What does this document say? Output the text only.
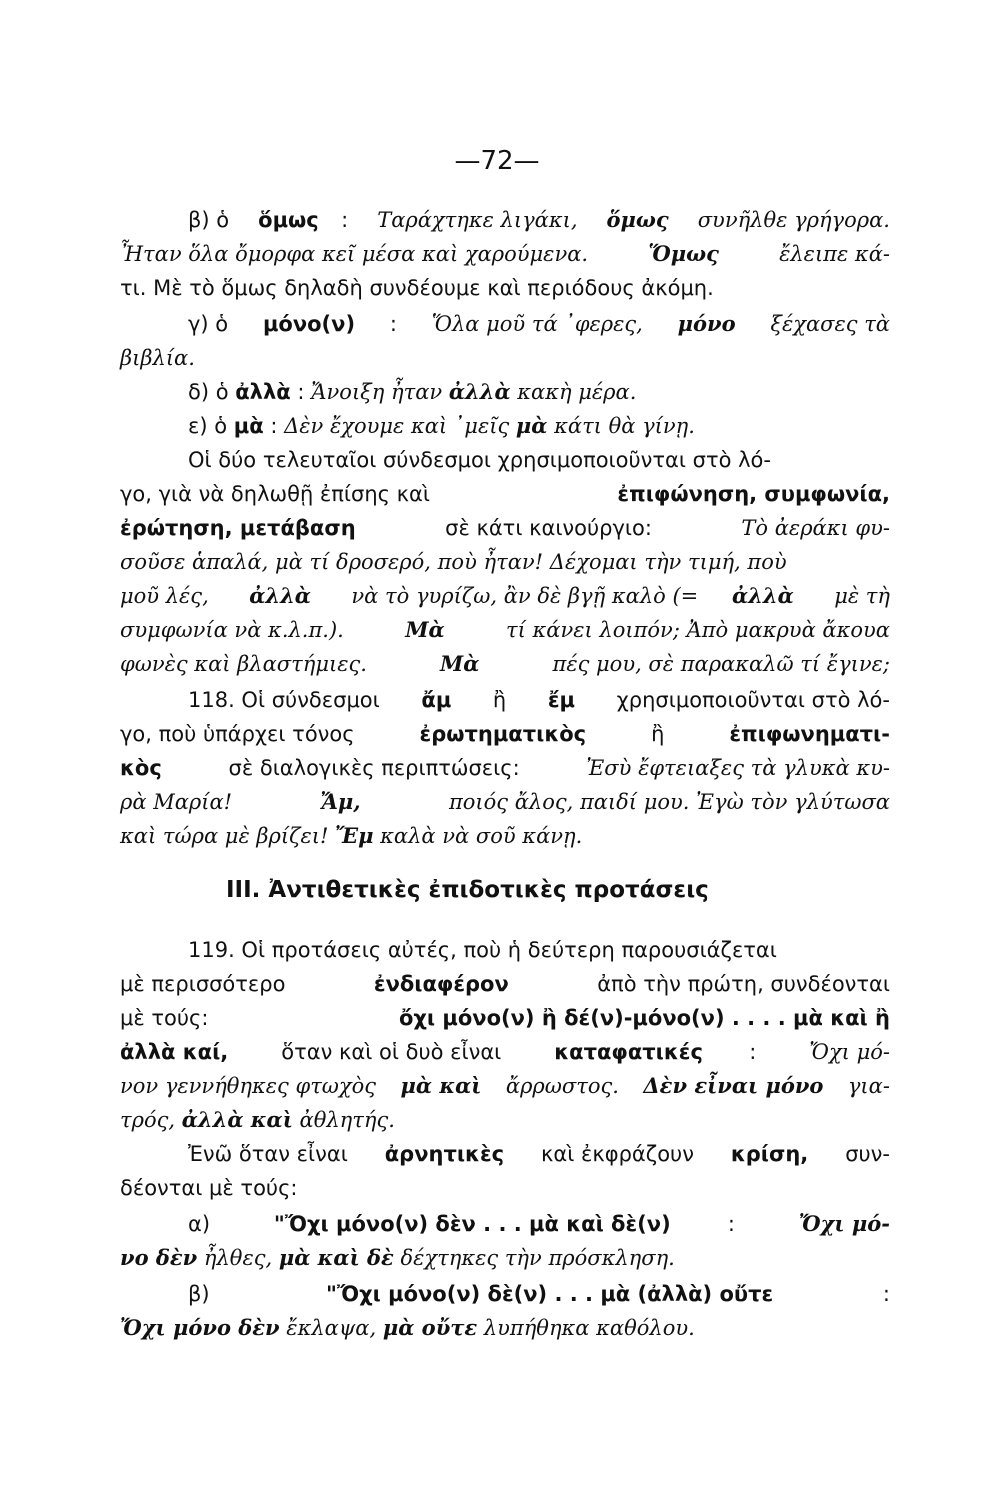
—72—
β) ὁ ὅμως : Ταράχτηκε λιγάκι, ὅμως συνῆλθε γρήγορα.
Ἦταν ὅλα ὄμορφα κεῖ μέσα καὶ χαρούμενα.	Ὅμως	ἔλειπε κά-
τι. Μὲ τὸ ὅμως δηλαδὴ συνδέουμε καὶ περιόδους ἀκόμη.
γ) ὁ μόνο(ν) : Ὅλα μοῦ τά ᾿φερες, μόνο ξέχασες τὰ
βιβλία.
δ) ὁ ἀλλὰ : Ἄνοιξη ἦταν ἀλλὰ κακὴ μέρα.
ε) ὁ μὰ : Δὲν ἔχουμε καὶ ᾿μεῖς μὰ κάτι θὰ γίνῃ.
Οἱ δύο τελευταῖοι σύνδεσμοι χρησιμοποιοῦνται στὸ λό-
γο, γιὰ νὰ δηλωθῇ ἐπίσης καὶ	ἐπιφώνηση, συμφωνία,
ἐρώτηση, μετάβαση	σὲ κάτι καινούργιο:	Τὸ ἀεράκι φυ-
σοῦσε ἁπαλά, μὰ τί δροσερό, ποὺ ἦταν! Δέχομαι τὴν τιμή, ποὺ
μοῦ λές, ἀλλὰ νὰ τὸ γυρίζω, ἂν δὲ βγῇ καλὸ (= ἀλλὰ μὲ τὴ
συμφωνία νὰ κ.λ.π.).	Μὰ	τί κάνει λοιπόν; Ἀπὸ μακρυὰ ἄκουα
φωνὲς καὶ βλαστήμιες.	Μὰ	πές μου, σὲ παρακαλῶ τί ἔγινε;
118. Οἱ σύνδεσμοι ἄμ ἢ ἔμ χρησιμοποιοῦνται στὸ λό-
γο, ποὺ ὑπάρχει τόνος	ἐρωτηματικὸς	ἢ	ἐπιφωνηματι-
κὸς	σὲ διαλογικὲς περιπτώσεις:	Ἐσὺ ἔφτειαξες τὰ γλυκὰ κυ-
ρὰ Μαρία!	Ἄμ,	ποιός ἄλος, παιδί μου. Ἐγὼ τὸν γλύτωσα
καὶ τώρα μὲ βρίζει! Ἔμ καλὰ νὰ σοῦ κάνῃ.
III. Ἀντιθετικὲς ἐπιδοτικὲς προτάσεις
119. Οἱ προτάσεις αὐτές, ποὺ ἡ δεύτερη παρουσιάζεται
μὲ περισσότερο	ἐνδιαφέρον	ἀπὸ τὴν πρώτη, συνδέονται
μὲ τούς:	ὄχι μόνο(ν) ἢ δέ(ν)-μόνο(ν) . . . . μὰ καὶ ἢ
ἀλλὰ καί, ὅταν καὶ οἱ δυὸ εἶναι καταφατικές : Ὄχι μό-
νον γεννήθηκες φτωχὸς μὰ καὶ ἄρρωστος. Δὲν εἶναι μόνο για-
τρός, ἀλλὰ καὶ ἀθλητής.
Ἐνῶ ὅταν εἶναι ἀρνητικὲς καὶ ἐκφράζουν κρίση, συν-
δέονται μὲ τούς:
α)	"Ὄχι μόνο(ν) δὲν . . . μὰ καὶ δὲ(ν)	:	Ὄχι μό-
νο δὲν ἦλθες, μὰ καὶ δὲ δέχτηκες τὴν πρόσκληση.
β)	"Ὄχι μόνο(ν) δὲ(ν) . . . μὰ (ἀλλὰ) οὔτε	:
Ὄχι μόνο δὲν ἔκλαψα, μὰ οὔτε λυπήθηκα καθόλου.
